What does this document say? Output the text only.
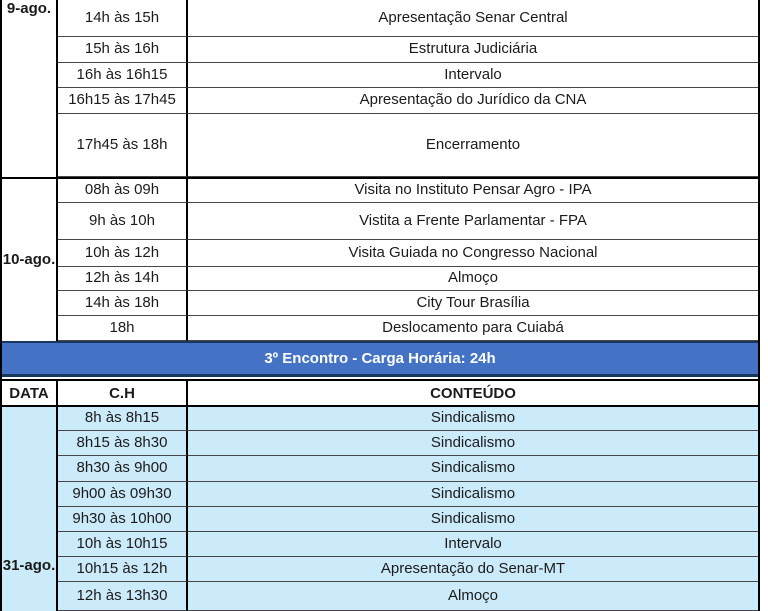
9-ago.
14h às 15h	Apresentação Senar Central
15h às 16h	Estrutura Judiciária
16h às 16h15	Intervalo
16h15 às 17h45	Apresentação do Jurídico da CNA
17h45 às 18h	Encerramento
10-ago.
08h às 09h	Visita no Instituto Pensar Agro - IPA
9h às 10h	Vistita a Frente Parlamentar - FPA
10h às 12h	Visita Guiada no Congresso Nacional
12h às 14h	Almoço
14h às 18h	City Tour Brasília
18h	Deslocamento para Cuiabá
3º Encontro - Carga Horária: 24h
DATA	C.H	CONTEÚDO
31-ago.
8h às 8h15	Sindicalismo
8h15 às 8h30	Sindicalismo
8h30 às 9h00	Sindicalismo
9h00 às 09h30	Sindicalismo
9h30 às 10h00	Sindicalismo
10h às 10h15	Intervalo
10h15 às 12h	Apresentação do Senar-MT
12h às 13h30	Almoço
